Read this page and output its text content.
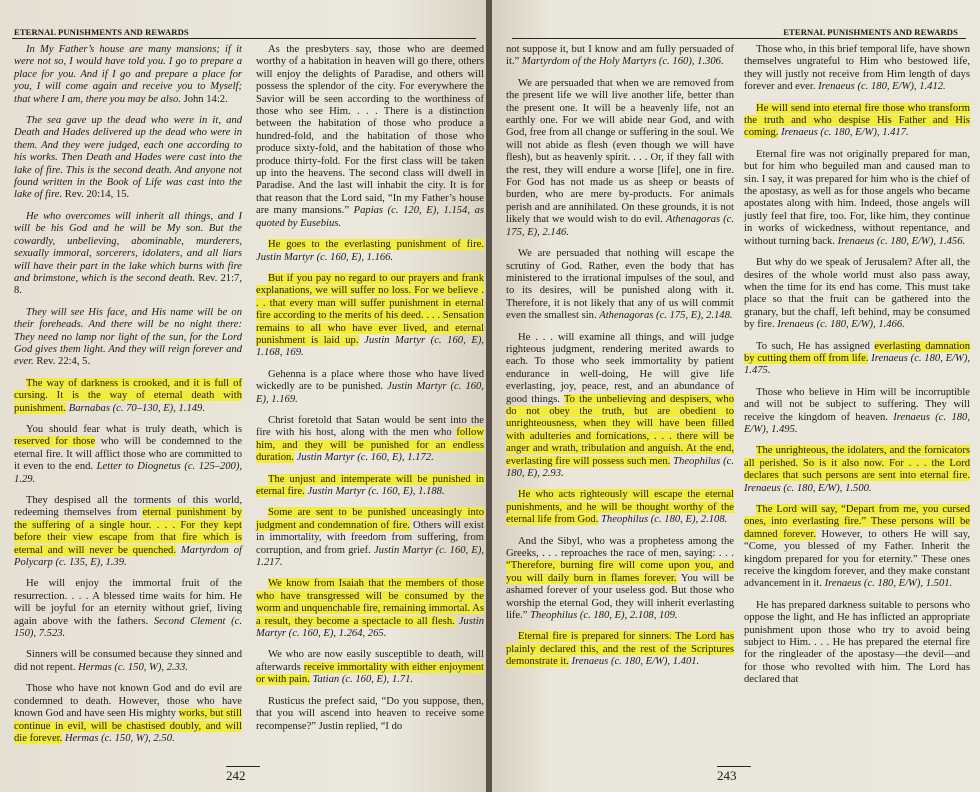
ETERNAL PUNISHMENTS AND REWARDS

In My Father’s house are many mansions; if it were not so, I would have told you. I go to prepare a place for you. And if I go and prepare a place for you, I will come again and receive you to Myself; that where I am, there you may be also. John 14:2.

The sea gave up the dead who were in it, and Death and Hades delivered up the dead who were in them. And they were judged, each one according to his works. Then Death and Hades were cast into the lake of fire. This is the second death. And anyone not found written in the Book of Life was cast into the lake of fire. Rev. 20:14, 15.

He who overcomes will inherit all things, and I will be his God and he will be My son. But the cowardly, unbelieving, abominable, murderers, sexually immoral, sorcerers, idolaters, and all liars will have their part in the lake which burns with fire and brimstone, which is the second death. Rev. 21:7, 8.

They will see His face, and His name will be on their foreheads. And there will be no night there: They need no lamp nor light of the sun, for the Lord God gives them light. And they will reign forever and ever. Rev. 22:4, 5.

The way of darkness is crooked, and it is full of cursing. It is the way of eternal death with punishment. Barnabas (c. 70–130, E), 1.149.

You should fear what is truly death, which is reserved for those who will be condemned to the eternal fire. It will afflict those who are committed to it even to the end. Letter to Diognetus (c. 125–200), 1.29.

They despised all the torments of this world, redeeming themselves from eternal punishment by the suffering of a single hour. . . . For they kept before their view escape from that fire which is eternal and will never be quenched. Martyrdom of Polycarp (c. 135, E), 1.39.

He will enjoy the immortal fruit of the resurrection. . . . A blessed time waits for him. He will be joyful for an eternity without grief, living again above with the fathers. Second Clement (c. 150), 7.523.

Sinners will be consumed because they sinned and did not repent. Hermas (c. 150, W), 2.33.

Those who have not known God and do evil are condemned to death. However, those who have known God and have seen His mighty works, but still continue in evil, will be chastised doubly, and will die forever. Hermas (c. 150, W), 2.50.

As the presbyters say, those who are deemed worthy of a habitation in heaven will go there, others will enjoy the delights of Paradise, and others will possess the splendor of the city. For everywhere the Savior will be seen according to the worthiness of those who see Him. . . . There is a distinction between the habitation of those who produce a hundred-fold, and the habitation of those who produce sixty-fold, and the habitation of those who produce thirty-fold. For the first class will be taken up into the heavens. The second class will dwell in Paradise. And the last will inhabit the city. It is for that reason that the Lord said, “In my Father’s house are many mansions.” Papias (c. 120, E), 1.154, as quoted by Eusebius.

He goes to the everlasting punishment of fire. Justin Martyr (c. 160, E), 1.166.

But if you pay no regard to our prayers and frank explanations, we will suffer no loss. For we believe . . . that every man will suffer punishment in eternal fire according to the merits of his deed. . . . Sensation remains to all who have ever lived, and eternal punishment is laid up. Justin Martyr (c. 160, E), 1.168, 169.

Gehenna is a place where those who have lived wickedly are to be punished. Justin Martyr (c. 160, E), 1.169.

Christ foretold that Satan would be sent into the fire with his host, along with the men who follow him, and they will be punished for an endless duration. Justin Martyr (c. 160, E), 1.172.

The unjust and intemperate will be punished in eternal fire. Justin Martyr (c. 160, E), 1.188.

Some are sent to be punished unceasingly into judgment and condemnation of fire. Others will exist in immortality, with freedom from suffering, from corruption, and from grief. Justin Martyr (c. 160, E), 1.217.

We know from Isaiah that the members of those who have transgressed will be consumed by the worm and unquenchable fire, remaining immortal. As a result, they become a spectacle to all flesh. Justin Martyr (c. 160, E), 1.264, 265.

We who are now easily susceptible to death, will afterwards receive immortality with either enjoyment or with pain. Tatian (c. 160, E), 1.71.

Rusticus the prefect said, “Do you suppose, then, that you will ascend into heaven to receive some recompense?” Justin replied, “I do

242
ETERNAL PUNISHMENTS AND REWARDS

not suppose it, but I know and am fully persuaded of it.” Martyrdom of the Holy Martyrs (c. 160), 1.306.

We are persuaded that when we are removed from the present life we will live another life, better than the present one. It will be a heavenly life, not an earthly one. For we will abide near God, and with God, free from all change or suffering in the soul. We will not abide as flesh (even though we will have flesh), but as heavenly spirit. . . . Or, if they fall with the rest, they will endure a worse [life], one in fire. For God has not made us as sheep or beasts of burden, who are mere by-products. For animals perish and are annihilated. On these grounds, it is not likely that we would wish to do evil. Athenagoras (c. 175, E), 2.146.

We are persuaded that nothing will escape the scrutiny of God. Rather, even the body that has ministered to the irrational impulses of the soul, and to its desires, will be punished along with it. Therefore, it is not likely that any of us will commit even the smallest sin. Athenagoras (c. 175, E), 2.148.

He . . . will examine all things, and will judge righteous judgment, rendering merited awards to each. To those who seek immortality by patient endurance in well-doing, He will give life everlasting, joy, peace, rest, and an abundance of good things. To the unbelieving and despisers, who do not obey the truth, but are obedient to unrighteousness, when they will have been filled with adulteries and fornications, . . . there will be anger and wrath, tribulation and anguish. At the end, everlasting fire will possess such men. Theophilus (c. 180, E), 2.93.

He who acts righteously will escape the eternal punishments, and he will be thought worthy of the eternal life from God. Theophilus (c. 180, E), 2.108.

And the Sibyl, who was a prophetess among the Greeks, . . . reproaches the race of men, saying: . . . “Therefore, burning fire will come upon you, and you will daily burn in flames forever. You will be ashamed forever of your useless god. But those who worship the eternal God, they will inherit everlasting life.” Theophilus (c. 180, E), 2.108, 109.

Eternal fire is prepared for sinners. The Lord has plainly declared this, and the rest of the Scriptures demonstrate it. Irenaeus (c. 180, E/W), 1.401.

Those who, in this brief temporal life, have shown themselves ungrateful to Him who bestowed life, they will justly not receive from Him length of days forever and ever. Irenaeus (c. 180, E/W), 1.412.

He will send into eternal fire those who transform the truth and who despise His Father and His coming. Irenaeus (c. 180, E/W), 1.417.

Eternal fire was not originally prepared for man, but for him who beguiled man and caused man to sin. I say, it was prepared for him who is the chief of the apostasy, as well as for those angels who became apostates along with him. Indeed, those angels will justly feel that fire, too. For, like him, they continue in works of wickedness, without repentance, and without turning back. Irenaeus (c. 180, E/W), 1.456.

But why do we speak of Jerusalem? After all, the desires of the whole world must also pass away, when the time for its end has come. This must take place so that the fruit can be gathered into the granary, but the chaff, left behind, may be consumed by fire. Irenaeus (c. 180, E/W), 1.466.

To such, He has assigned everlasting damnation by cutting them off from life. Irenaeus (c. 180, E/W), 1.475.

Those who believe in Him will be incorruptible and will not be subject to suffering. They will receive the kingdom of heaven. Irenaeus (c. 180, E/W), 1.495.

The unrighteous, the idolaters, and the fornicators all perished. So is it also now. For . . . the Lord declares that such persons are sent into eternal fire. Irenaeus (c. 180, E/W), 1.500.

The Lord will say, “Depart from me, you cursed ones, into everlasting fire.” These persons will be damned forever. However, to others He will say, “Come, you blessed of my Father. Inherit the kingdom prepared for you for eternity.” These ones receive the kingdom forever, and they make constant advancement in it. Irenaeus (c. 180, E/W), 1.501.

He has prepared darkness suitable to persons who oppose the light, and He has inflicted an appropriate punishment upon those who try to avoid being subject to Him. . . . He has prepared the eternal fire for the ringleader of the apostasy—the devil—and for those who revolted with him. The Lord has declared that

243
